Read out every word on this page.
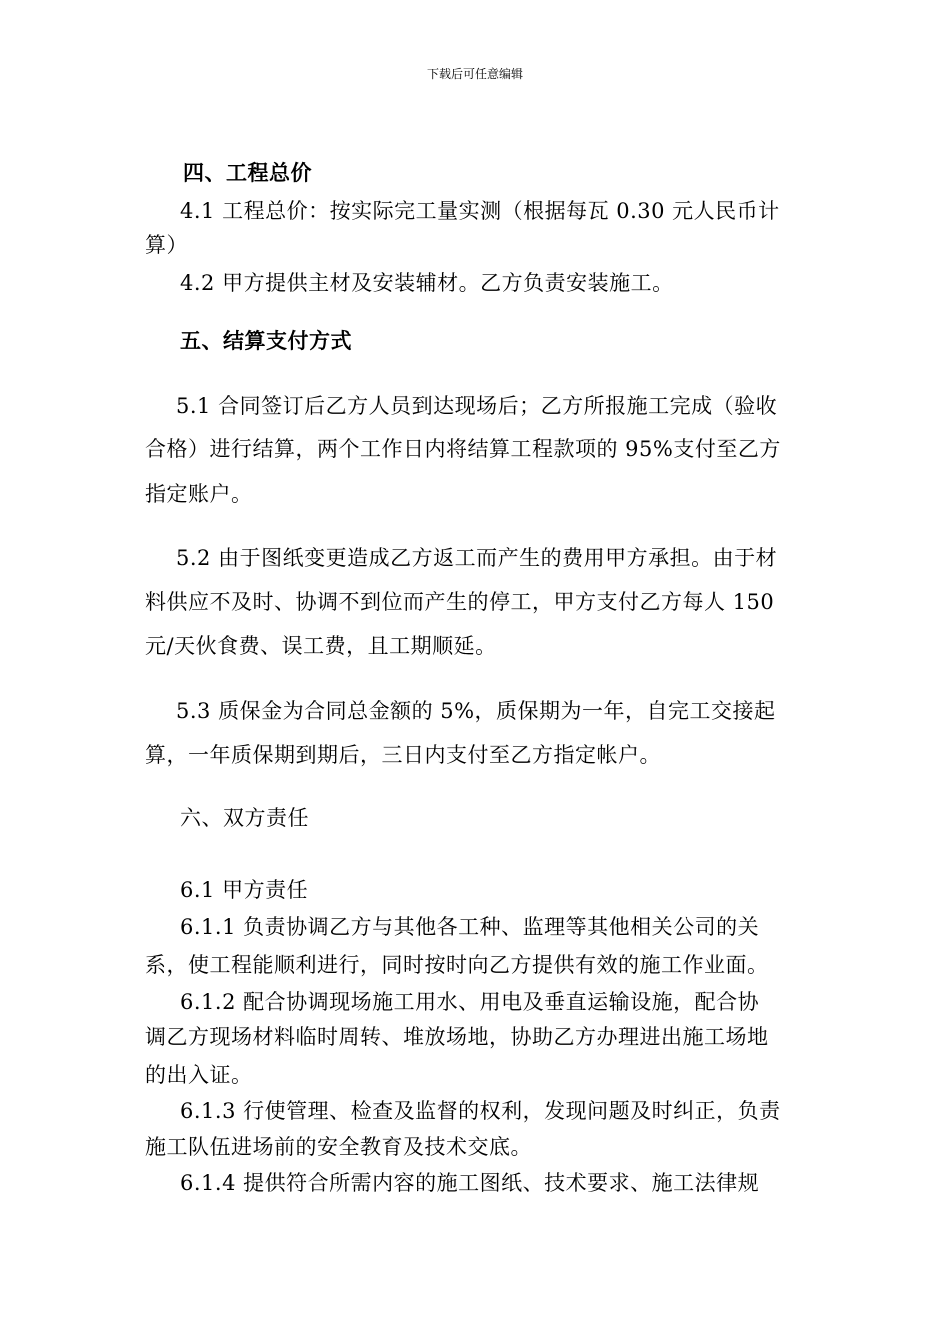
下载后可任意编辑
四、工程总价
4.1 工程总价：按实际完工量实测（根据每瓦 0.30 元人民币计
算）
4.2 甲方提供主材及安装辅材。乙方负责安装施工。
五、结算支付方式
5.1 合同签订后乙方人员到达现场后；乙方所报施工完成（验收
合格）进行结算，两个工作日内将结算工程款项的 95%支付至乙方
指定账户。
5.2 由于图纸变更造成乙方返工而产生的费用甲方承担。由于材
料供应不及时、协调不到位而产生的停工，甲方支付乙方每人 150
元/天伙食费、误工费，且工期顺延。
5.3 质保金为合同总金额的 5%，质保期为一年，自完工交接起
算，一年质保期到期后，三日内支付至乙方指定帐户。
六、双方责任
6.1 甲方责任
6.1.1 负责协调乙方与其他各工种、监理等其他相关公司的关
系，使工程能顺利进行，同时按时向乙方提供有效的施工作业面。
6.1.2 配合协调现场施工用水、用电及垂直运输设施，配合协
调乙方现场材料临时周转、堆放场地，协助乙方办理进出施工场地
的出入证。
6.1.3 行使管理、检查及监督的权利，发现问题及时纠正，负责
施工队伍进场前的安全教育及技术交底。
6.1.4 提供符合所需内容的施工图纸、技术要求、施工法律规
